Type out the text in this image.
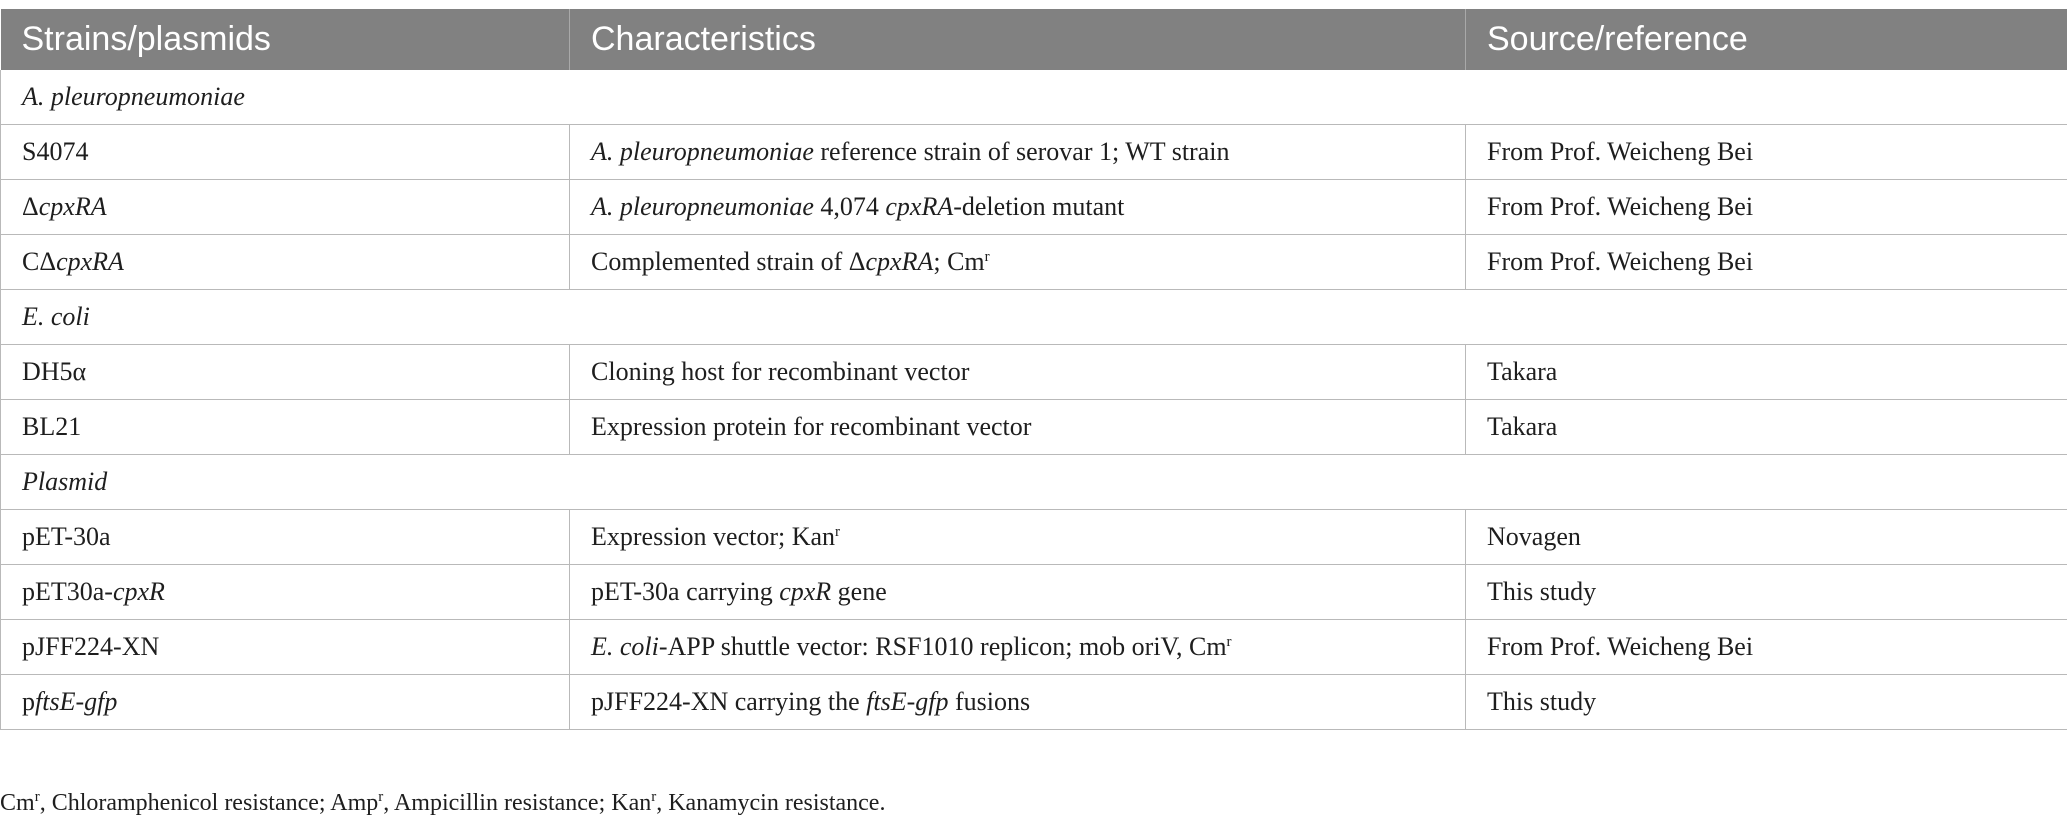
Strains/plasmids	Characteristics	Source/reference
A. pleuropneumoniae		
S4074	A. pleuropneumoniae reference strain of serovar 1; WT strain	From Prof. Weicheng Bei
ΔcpxRA	A. pleuropneumoniae 4,074 cpxRA-deletion mutant	From Prof. Weicheng Bei
CΔcpxRA	Complemented strain of ΔcpxRA; Cm$^r$	From Prof. Weicheng Bei
E. coli		
DH5α	Cloning host for recombinant vector	Takara
BL21	Expression protein for recombinant vector	Takara
Plasmid		
pET-30a	Expression vector; Kan$^r$	Novagen
pET30a-cpxR	pET-30a carrying cpxR gene	This study
pJFF224-XN	E. coli-APP shuttle vector: RSF1010 replicon; mob oriV, Cm$^r$	From Prof. Weicheng Bei
pftsE-gfp	pJFF224-XN carrying the ftsE-gfp fusions	This study
Cm$^r$, Chloramphenicol resistance; Amp$^r$, Ampicillin resistance; Kan$^r$, Kanamycin resistance.
